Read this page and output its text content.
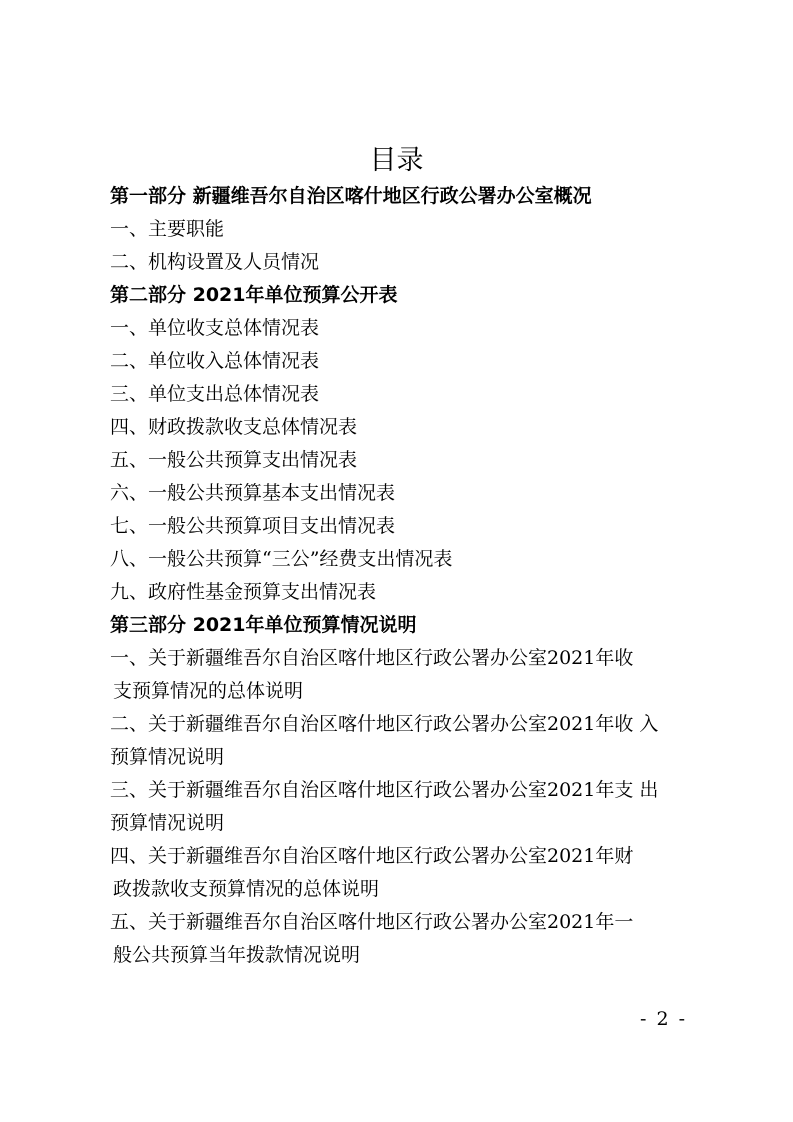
目录
第一部分 新疆维吾尔自治区喀什地区行政公署办公室概况
一、主要职能
二、机构设置及人员情况
第二部分 2021年单位预算公开表
一、单位收支总体情况表
二、单位收入总体情况表
三、单位支出总体情况表
四、财政拨款收支总体情况表
五、一般公共预算支出情况表
六、一般公共预算基本支出情况表
七、一般公共预算项目支出情况表
八、一般公共预算“三公”经费支出情况表
九、政府性基金预算支出情况表
第三部分 2021年单位预算情况说明
一、关于新疆维吾尔自治区喀什地区行政公署办公室2021年收
支预算情况的总体说明
二、关于新疆维吾尔自治区喀什地区行政公署办公室2021年收 入
预算情况说明
三、关于新疆维吾尔自治区喀什地区行政公署办公室2021年支 出
预算情况说明
四、关于新疆维吾尔自治区喀什地区行政公署办公室2021年财
政拨款收支预算情况的总体说明
五、关于新疆维吾尔自治区喀什地区行政公署办公室2021年一
般公共预算当年拨款情况说明
- 2 -
